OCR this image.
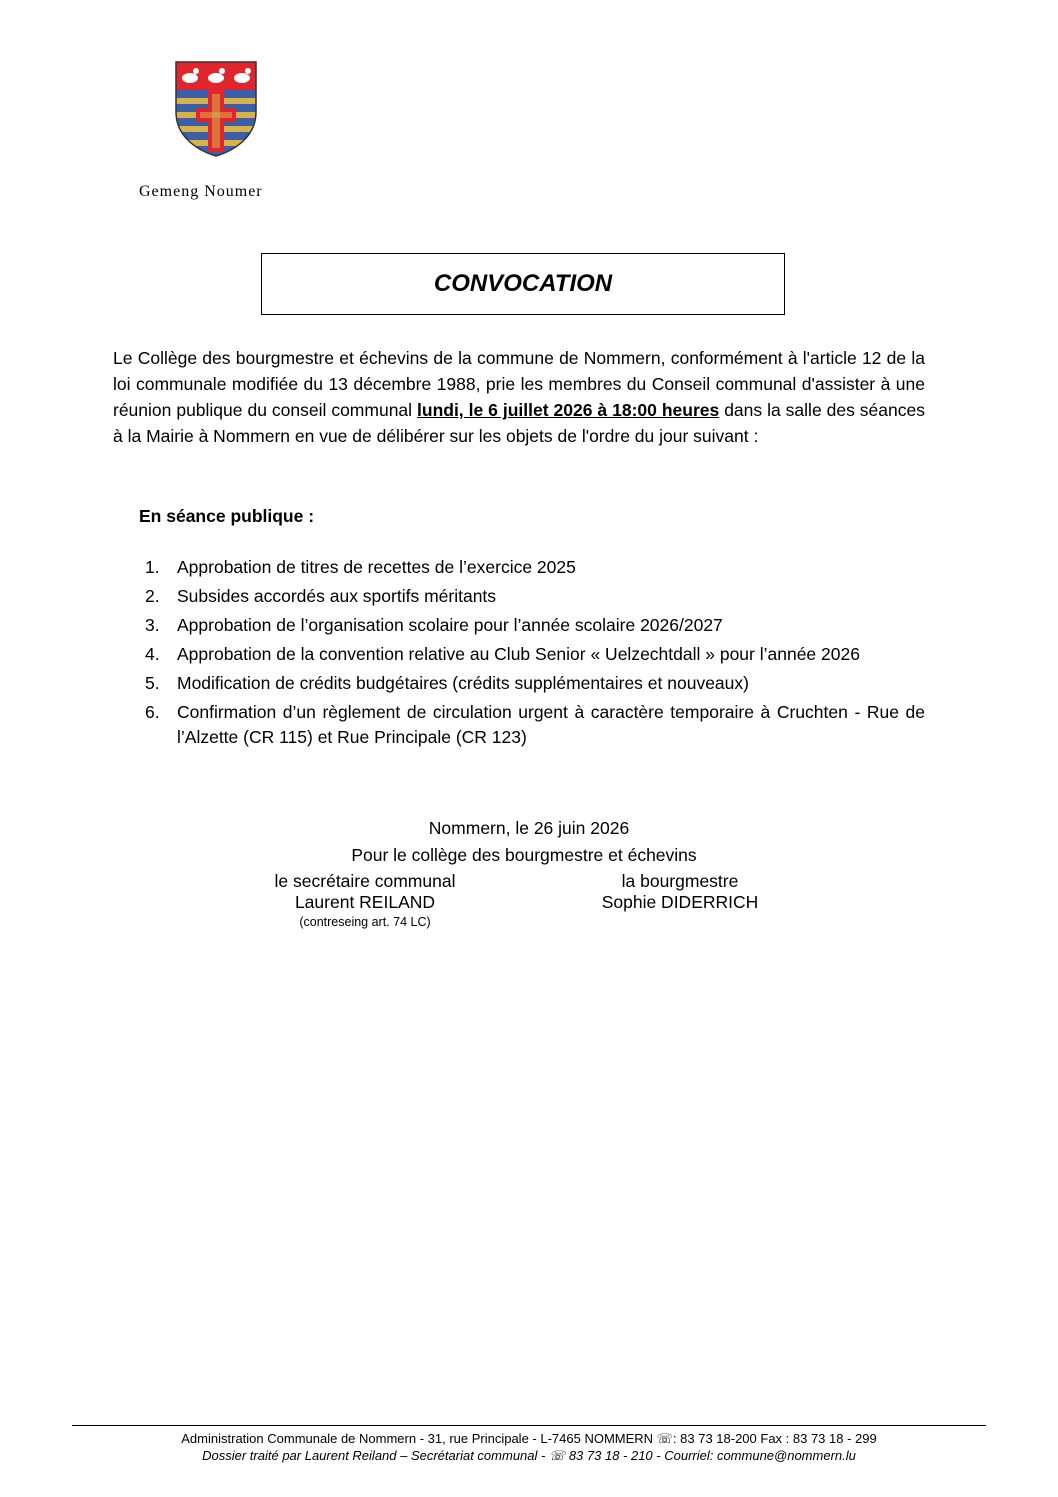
Gemeng Noumer
CONVOCATION
Le Collège des bourgmestre et échevins de la commune de Nommern, conformément à l'article 12 de la loi communale modifiée du 13 décembre 1988, prie les membres du Conseil communal d'assister à une réunion publique du conseil communal lundi, le 6 juillet 2026 à 18:00 heures dans la salle des séances à la Mairie à Nommern en vue de délibérer sur les objets de l'ordre du jour suivant :
En séance publique :
1. Approbation de titres de recettes de l’exercice 2025
2. Subsides accordés aux sportifs méritants
3. Approbation de l’organisation scolaire pour l’année scolaire 2026/2027
4. Approbation de la convention relative au Club Senior « Uelzechtdall » pour l’année 2026
5. Modification de crédits budgétaires (crédits supplémentaires et nouveaux)
6. Confirmation d’un règlement de circulation urgent à caractère temporaire à Cruchten - Rue de l’Alzette (CR 115) et Rue Principale (CR 123)
Nommern, le 26 juin 2026
Pour le collège des bourgmestre et échevins
le secrétaire communal
Laurent REILAND
(contreseing art. 74 LC)
la bourgmestre
Sophie DIDERRICH
Administration Communale de Nommern - 31, rue Principale - L-7465 NOMMERN ☏: 83 73 18-200 Fax : 83 73 18 - 299
Dossier traité par Laurent Reiland – Secrétariat communal - ☏ 83 73 18 - 210 - Courriel: commune@nommern.lu
